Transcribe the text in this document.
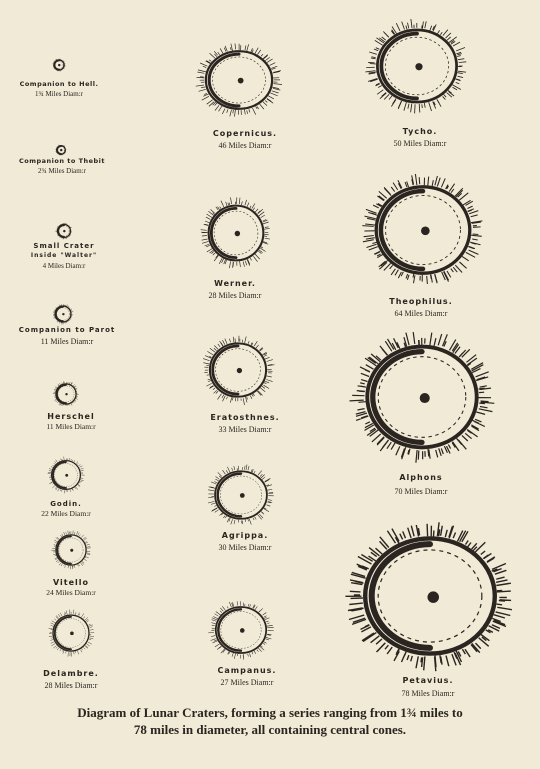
Companion to Hell.
1¾ Miles Diam:r
Companion to Thebit
2¾ Miles Diam:r
Small Crater
Inside "Walter"
4 Miles Diam:r
Companion to Parot
11 Miles Diam:r
Herschel
11 Miles Diam:r
Godin.
22 Miles Diam:r
Vitello
24 Miles Diam:r
Delambre.
28 Miles Diam:r
Copernicus.
46 Miles Diam:r
Werner.
28 Miles Diam:r
Eratosthnes.
33 Miles Diam:r
Agrippa.
30 Miles Diam:r
Campanus.
27 Miles Diam:r
Tycho.
50 Miles Diam:r
Theophilus.
64 Miles Diam:r
Alphons
70 Miles Diam:r
Petavius.
78 Miles Diam:r
Diagram of Lunar Craters, forming a series ranging from 1¾ miles to
78 miles in diameter, all containing central cones.
